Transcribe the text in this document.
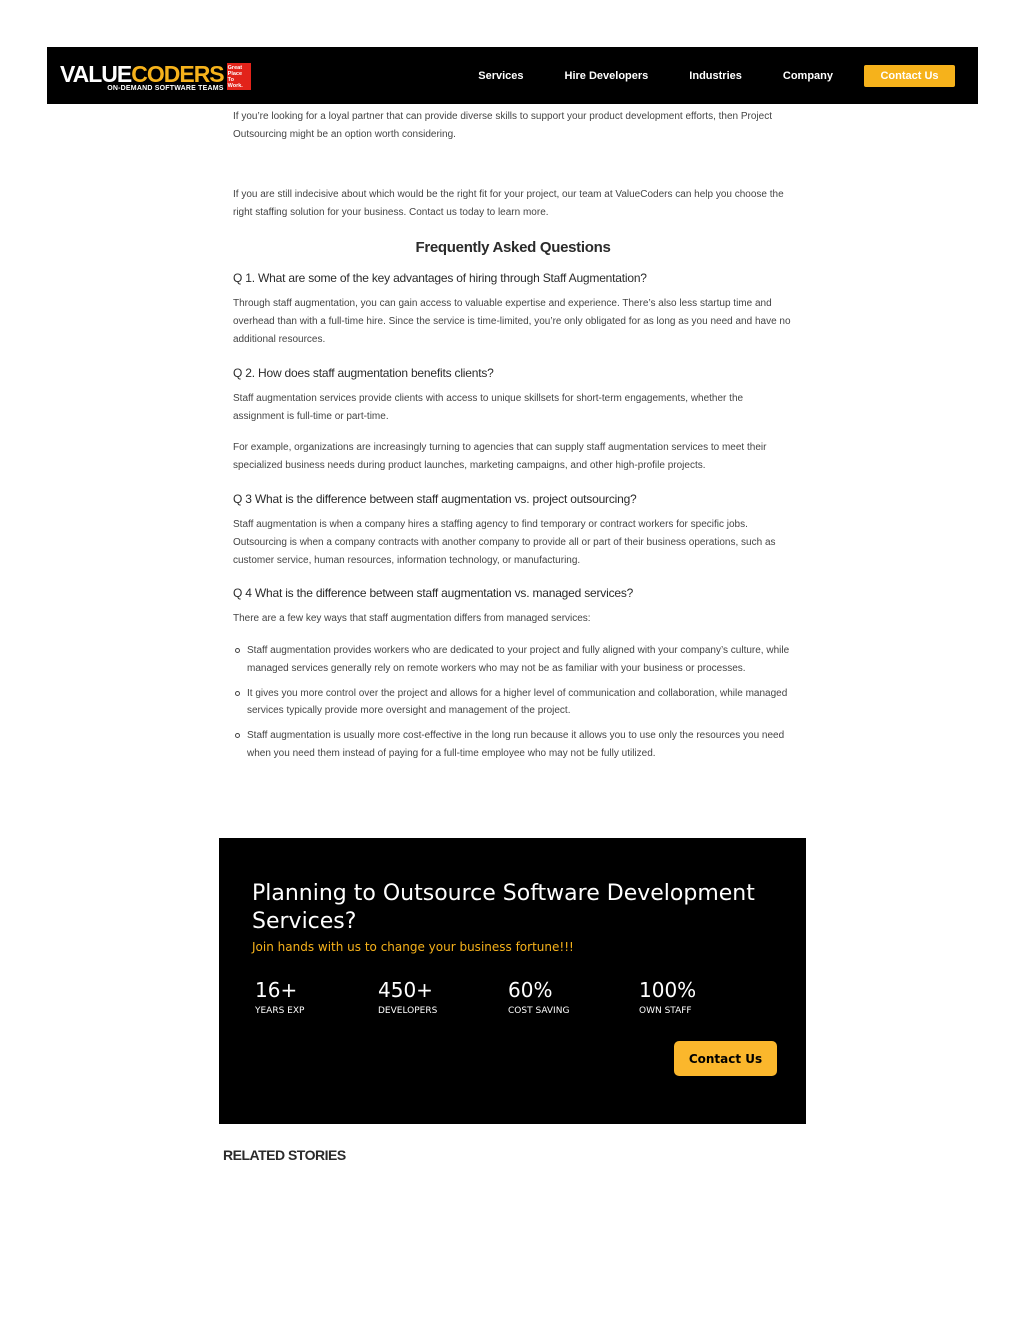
VALUECODERS
ON-DEMAND SOFTWARE TEAMS
Great
Place
To
Work.
Services	Hire Developers	Industries	Company	Contact Us

If you’re looking for a loyal partner that can provide diverse skills to support your product development efforts, then Project Outsourcing might be an option worth considering.

If you are still indecisive about which would be the right fit for your project, our team at ValueCoders can help you choose the right staffing solution for your business. Contact us today to learn more.

Frequently Asked Questions
Q 1. What are some of the key advantages of hiring through Staff Augmentation?

Through staff augmentation, you can gain access to valuable expertise and experience. There’s also less startup time and overhead than with a full-time hire. Since the service is time-limited, you’re only obligated for as long as you need and have no additional resources.

Q 2. How does staff augmentation benefits clients?

Staff augmentation services provide clients with access to unique skillsets for short-term engagements, whether the assignment is full-time or part-time.

For example, organizations are increasingly turning to agencies that can supply staff augmentation services to meet their specialized business needs during product launches, marketing campaigns, and other high-profile projects.

Q 3 What is the difference between staff augmentation vs. project outsourcing?

Staff augmentation is when a company hires a staffing agency to find temporary or contract workers for specific jobs. Outsourcing is when a company contracts with another company to provide all or part of their business operations, such as customer service, human resources, information technology, or manufacturing.

Q 4 What is the difference between staff augmentation vs. managed services?

There are a few key ways that staff augmentation differs from managed services:

Staff augmentation provides workers who are dedicated to your project and fully aligned with your company’s culture, while managed services generally rely on remote workers who may not be as familiar with your business or processes.
It gives you more control over the project and allows for a higher level of communication and collaboration, while managed services typically provide more oversight and management of the project.
Staff augmentation is usually more cost-effective in the long run because it allows you to use only the resources you need when you need them instead of paying for a full-time employee who may not be fully utilized.
Planning to Outsource Software Development Services?
Join hands with us to change your business fortune!!!
16+
YEARS EXP
450+
DEVELOPERS
60%
COST SAVING
100%
OWN STAFF
Contact Us
RELATED STORIES
